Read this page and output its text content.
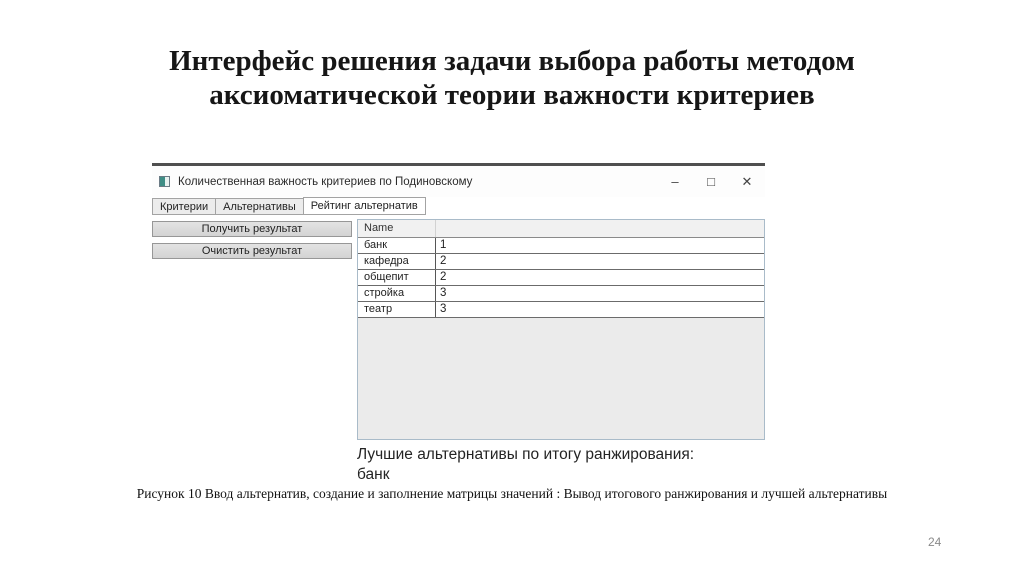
Интерфейс решения задачи выбора работы методом аксиоматической теории важности критериев
Количественная важность критериев по Подиновскому	–	□	✕
Критерии	Альтернативы	Рейтинг альтернатив
Получить результат Очистить результат
Name
банк	1
кафедра	2
общепит	2
стройка	3
театр	3
Лучшие альтернативы по итогу ранжирования:
банк
Рисунок 10 Ввод альтернатив, создание и заполнение матрицы значений : Вывод итогового ранжирования и лучшей альтернативы
24
